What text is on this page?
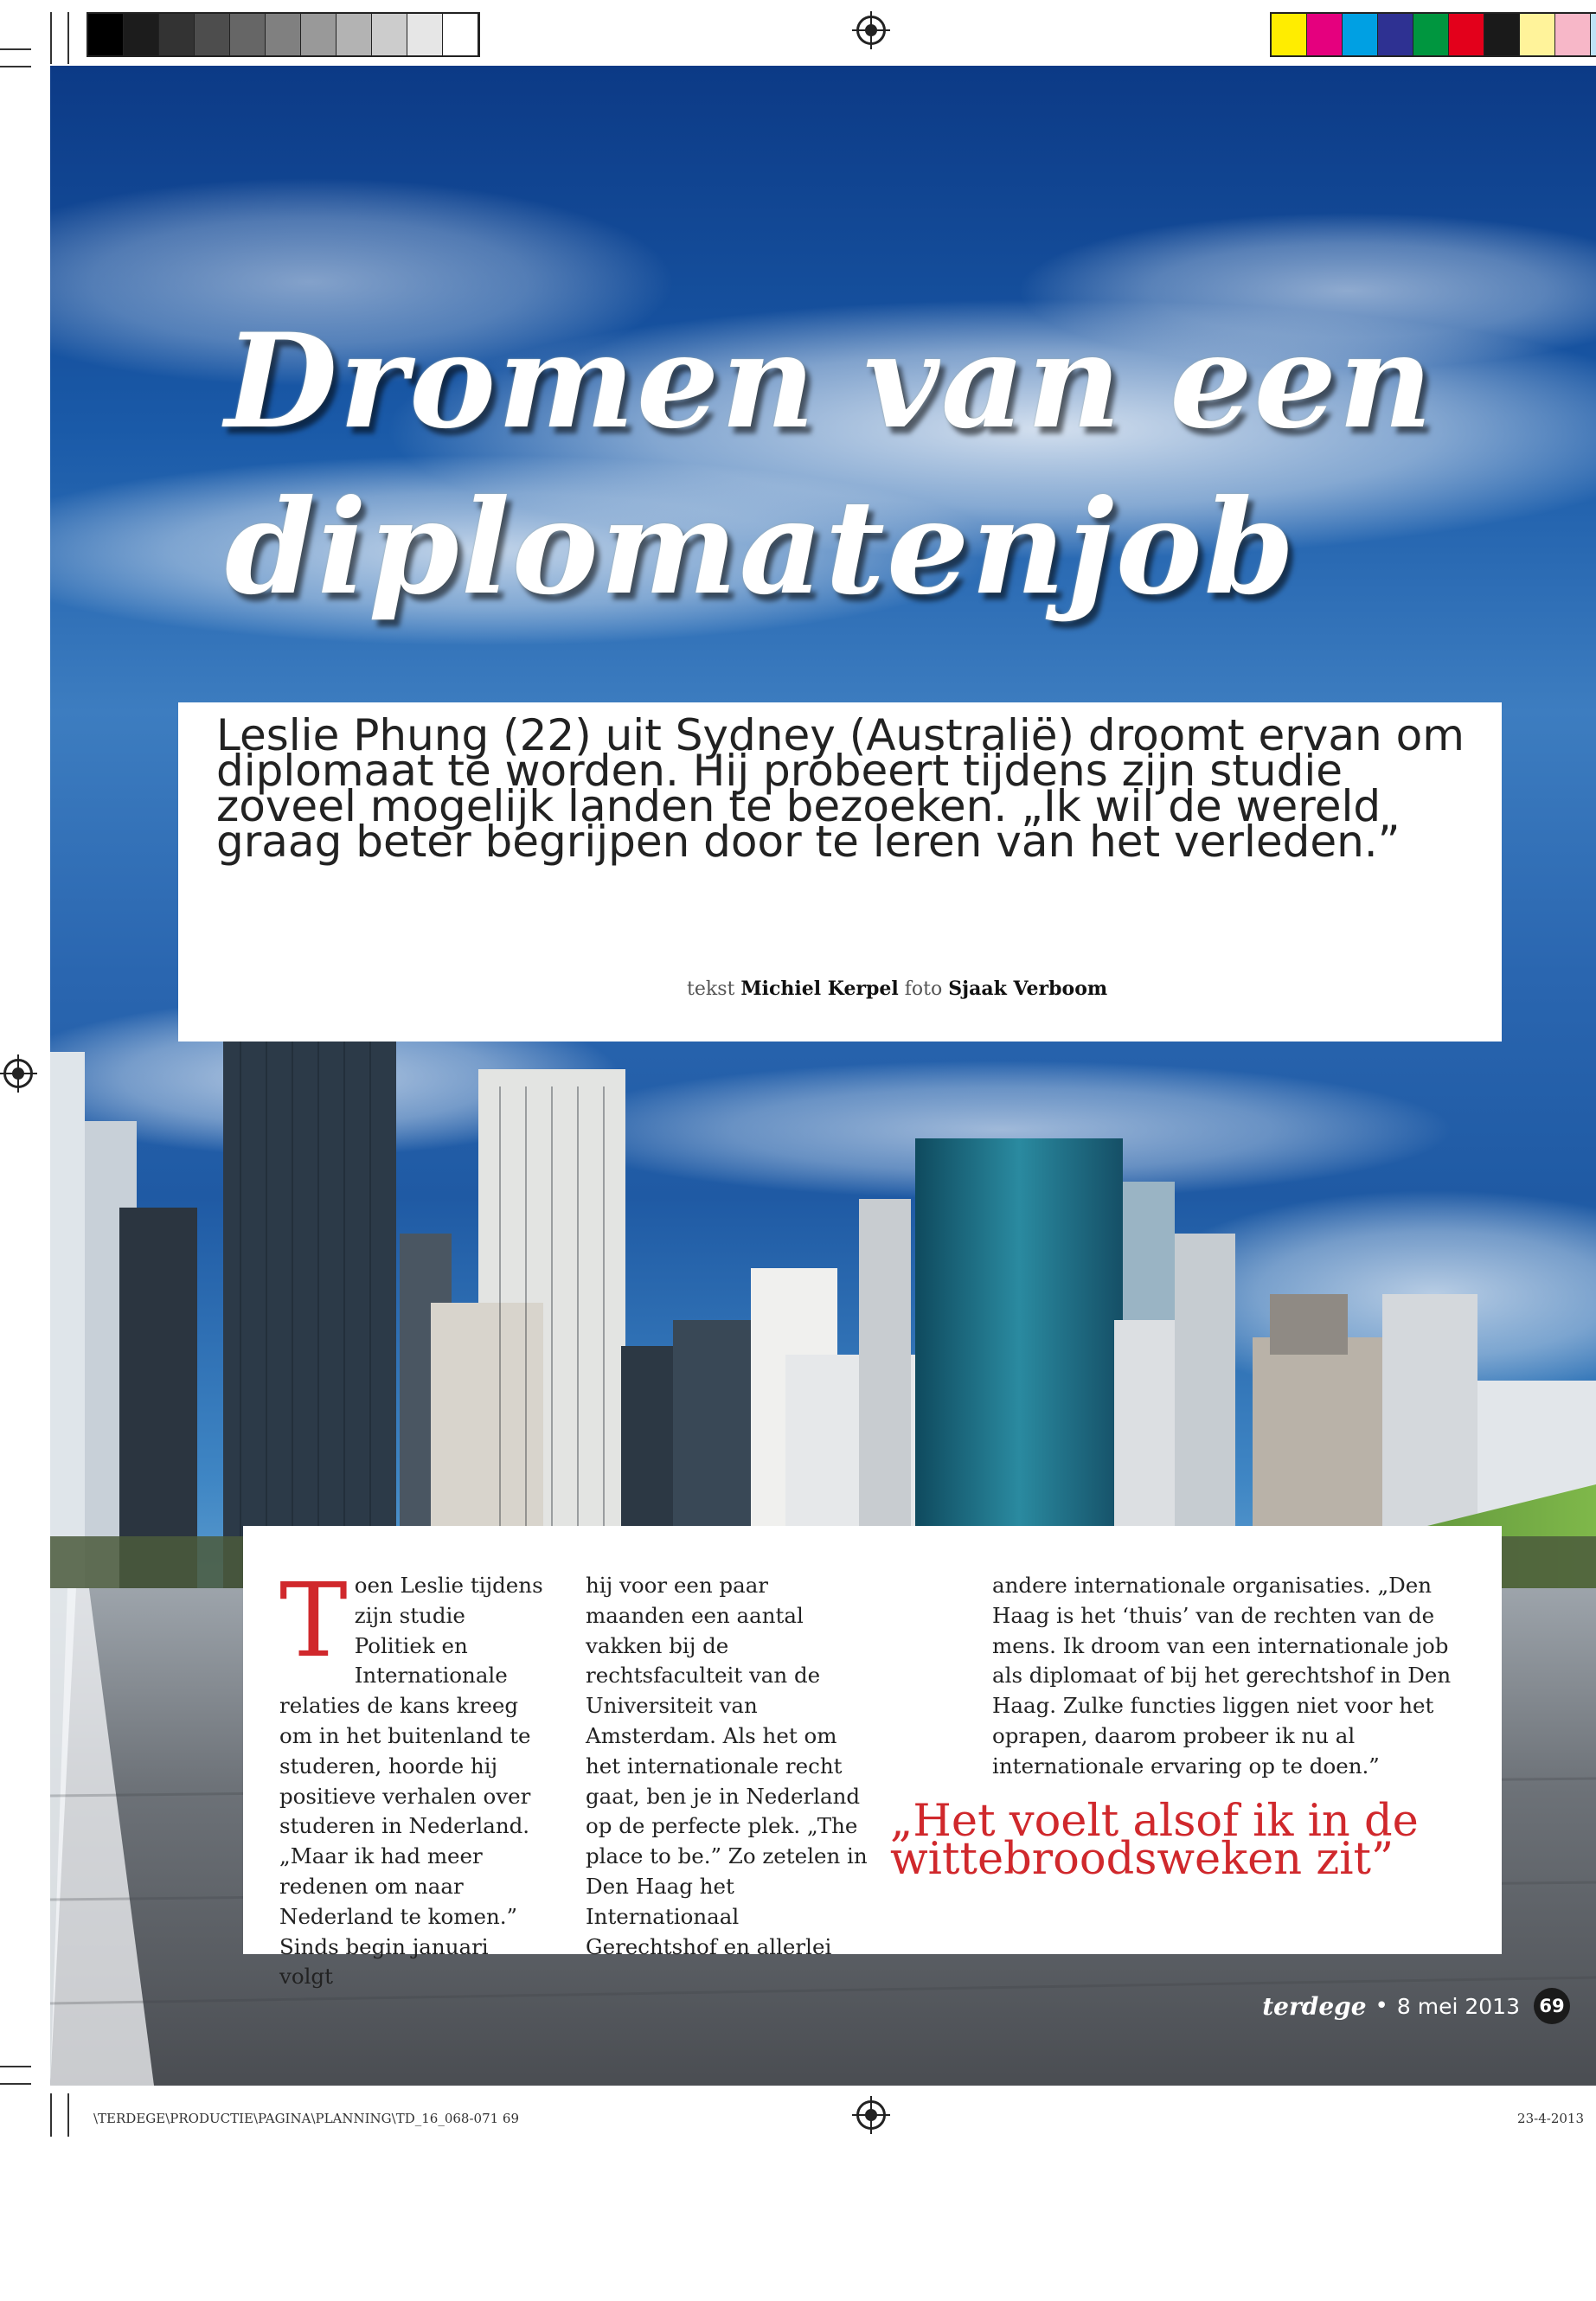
Dromen van een
diplomatenjob

Leslie Phung (22) uit Sydney (Australië) droomt ervan om diplomaat te worden. Hij probeert tijdens zijn studie zoveel mogelijk landen te bezoeken. „Ik wil de wereld graag beter begrijpen door te leren van het verleden.”

tekst Michiel Kerpel foto Sjaak Verboom

Toen Leslie tijdens zijn studie Politiek en Internationale relaties de kans kreeg om in het buitenland te studeren, hoorde hij positieve verhalen over studeren in Nederland. „Maar ik had meer redenen om naar Nederland te komen.” Sinds begin januari volgt

hij voor een paar maanden een aantal vakken bij de rechtsfaculteit van de Universiteit van Amsterdam. Als het om het internationale recht gaat, ben je in Nederland op de perfecte plek. „The place to be.” Zo zetelen in Den Haag het Internationaal Gerechtshof en allerlei

andere internationale organisaties. „Den Haag is het ‘thuis’ van de rechten van de mens. Ik droom van een internationale job als diplomaat of bij het gerechtshof in Den Haag. Zulke functies liggen niet voor het oprapen, daarom probeer ik nu al internationale ervaring op te doen.”

„Het voelt alsof ik in de wittebroodsweken zit”

terdege • 8 mei 2013	69
\TERDEGE\PRODUCTIE\PAGINA\PLANNING\TD_16_068-071 69	23-4-2013
